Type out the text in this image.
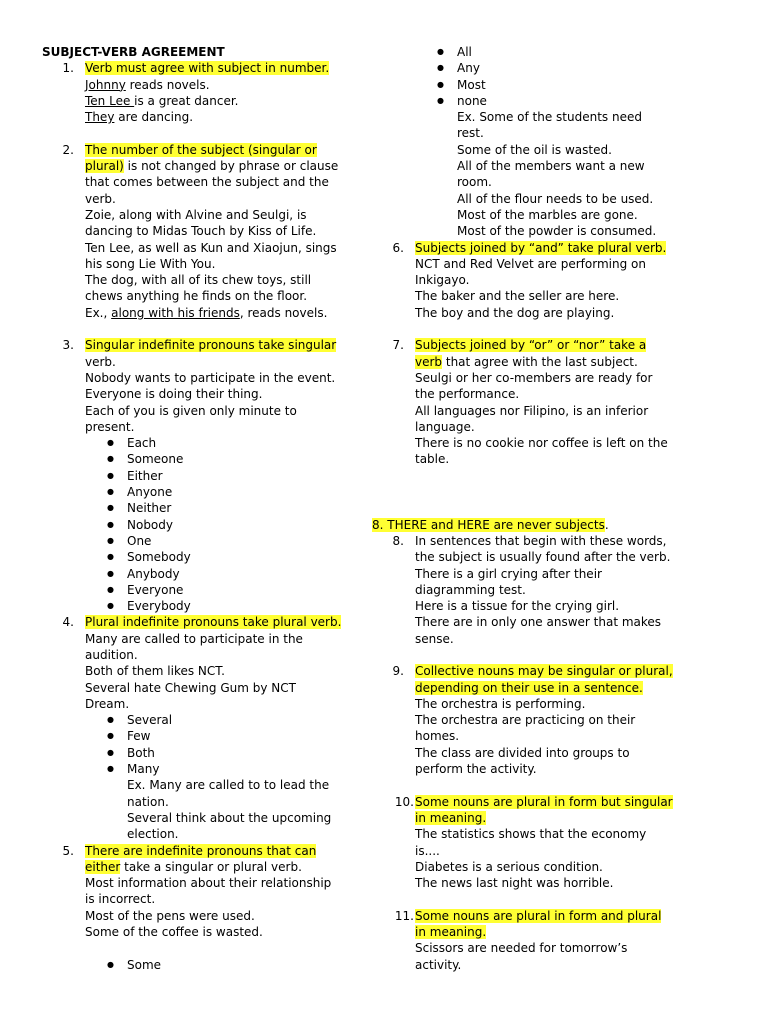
SUBJECT-VERB AGREEMENT
1. Verb must agree with subject in number.
Johnny reads novels.
Ten Lee is a great dancer.
They are dancing.
2. The number of the subject (singular or
plural) is not changed by phrase or clause
that comes between the subject and the
verb.
Zoie, along with Alvine and Seulgi, is
dancing to Midas Touch by Kiss of Life.
Ten Lee, as well as Kun and Xiaojun, sings
his song Lie With You.
The dog, with all of its chew toys, still
chews anything he finds on the floor.
Ex., along with his friends, reads novels.
3. Singular indefinite pronouns take singular
verb.
Nobody wants to participate in the event.
Everyone is doing their thing.
Each of you is given only minute to
present.
● Each
● Someone
● Either
● Anyone
● Neither
● Nobody
● One
● Somebody
● Anybody
● Everyone
● Everybody
4. Plural indefinite pronouns take plural verb.
Many are called to participate in the
audition.
Both of them likes NCT.
Several hate Chewing Gum by NCT
Dream.
● Several
● Few
● Both
● Many
Ex. Many are called to to lead the
nation.
Several think about the upcoming
election.
5. There are indefinite pronouns that can
either take a singular or plural verb.
Most information about their relationship
is incorrect.
Most of the pens were used.
Some of the coffee is wasted.
● Some
● All
● Any
● Most
● none
Ex. Some of the students need
rest.
Some of the oil is wasted.
All of the members want a new
room.
All of the flour needs to be used.
Most of the marbles are gone.
Most of the powder is consumed.
6. Subjects joined by “and” take plural verb.
NCT and Red Velvet are performing on
Inkigayo.
The baker and the seller are here.
The boy and the dog are playing.
7. Subjects joined by “or” or “nor” take a
verb that agree with the last subject.
Seulgi or her co-members are ready for
the performance.
All languages nor Filipino, is an inferior
language.
There is no cookie nor coffee is left on the
table.
8. THERE and HERE are never subjects.
8. In sentences that begin with these words,
the subject is usually found after the verb.
There is a girl crying after their
diagramming test.
Here is a tissue for the crying girl.
There are in only one answer that makes
sense.
9. Collective nouns may be singular or plural,
depending on their use in a sentence.
The orchestra is performing.
The orchestra are practicing on their
homes.
The class are divided into groups to
perform the activity.
10. Some nouns are plural in form but singular
in meaning.
The statistics shows that the economy
is....
Diabetes is a serious condition.
The news last night was horrible.
11. Some nouns are plural in form and plural
in meaning.
Scissors are needed for tomorrow’s
activity.
